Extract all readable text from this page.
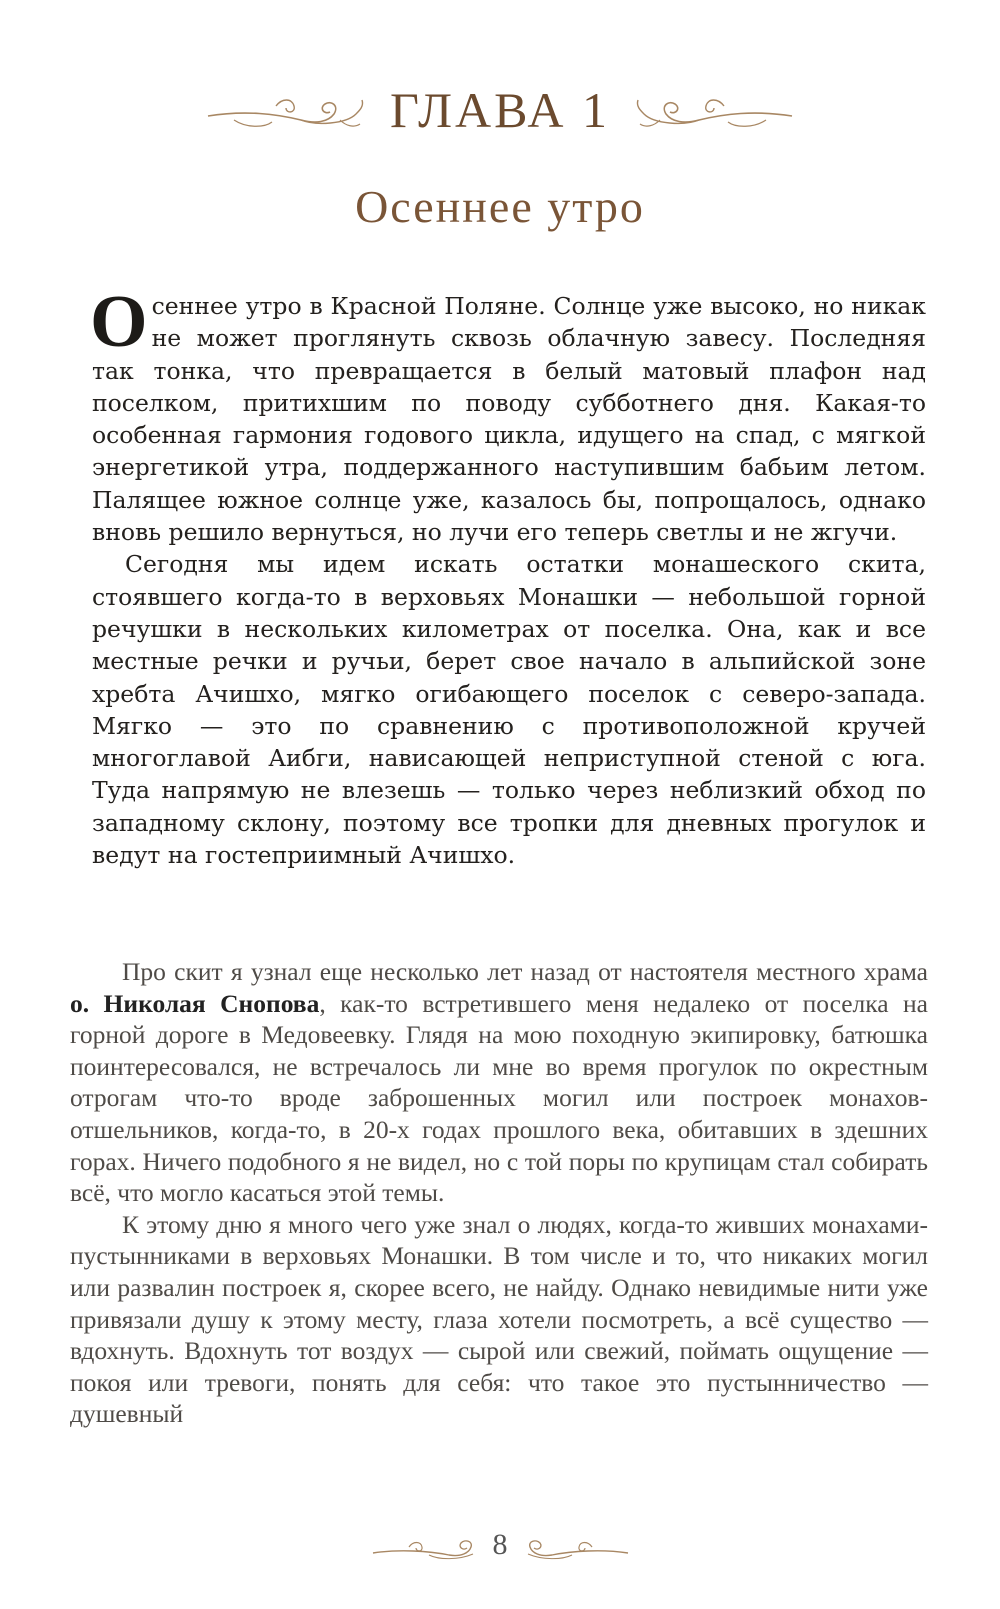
ГЛАВА 1
Осеннее утро

Осеннее утро в Красной Поляне. Солнце уже высоко, но никак не может проглянуть сквозь облачную завесу. Последняя так тонка, что превращается в белый матовый плафон над поселком, притихшим по поводу субботнего дня. Какая-то особенная гармония годового цикла, идущего на спад, с мягкой энергетикой утра, поддержанного наступившим бабьим летом. Палящее южное солнце уже, казалось бы, попрощалось, однако вновь решило вернуться, но лучи его теперь светлы и не жгучи.

Сегодня мы идем искать остатки монашеского скита, стоявшего когда-то в верховьях Монашки — небольшой горной речушки в нескольких километрах от поселка. Она, как и все местные речки и ручьи, берет свое начало в альпийской зоне хребта Ачишхо, мягко огибающего поселок с северо-запада. Мягко — это по сравнению с противоположной кручей многоглавой Аибги, нависающей неприступной стеной с юга. Туда напрямую не влезешь — только через неблизкий обход по западному склону, поэтому все тропки для дневных прогулок и ведут на гостеприимный Ачишхо.

Про скит я узнал еще несколько лет назад от настоятеля местного храма о. Николая Снопова, как-то встретившего меня недалеко от поселка на горной дороге в Медовеевку. Глядя на мою походную экипировку, батюшка поинтересовался, не встречалось ли мне во время прогулок по окрестным отрогам что-то вроде заброшенных могил или построек монахов-отшельников, когда-то, в 20-х годах прошлого века, обитавших в здешних горах. Ничего подобного я не видел, но с той поры по крупицам стал собирать всё, что могло касаться этой темы.

К этому дню я много чего уже знал о людях, когда-то живших монахами-пустынниками в верховьях Монашки. В том числе и то, что никаких могил или развалин построек я, скорее всего, не найду. Однако невидимые нити уже привязали душу к этому месту, глаза хотели посмотреть, а всё существо — вдохнуть. Вдохнуть тот воздух — сырой или свежий, поймать ощущение — покоя или тревоги, понять для себя: что такое это пустынничество — душевный

8
